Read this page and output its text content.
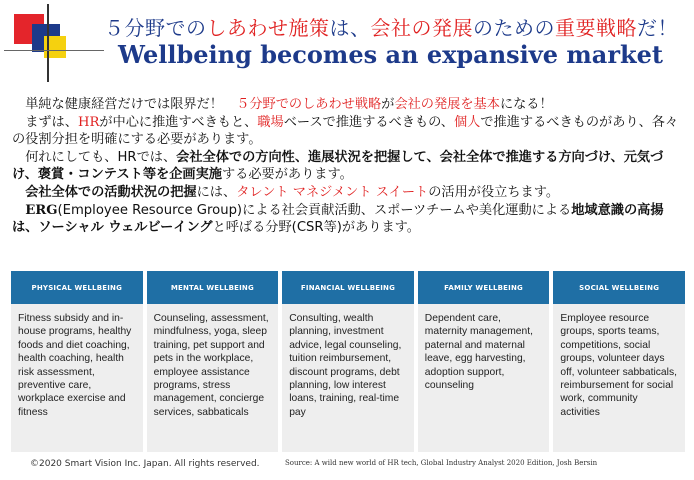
５分野でのしあわせ施策は、会社の発展のための重要戦略だ！
Wellbeing becomes an expansive market

　単純な健康経営だけでは限界だ！　５分野でのしあわせ戦略が会社の発展を基本になる！

　まずは、HRが中心に推進すべきもと、職場ベースで推進するべきもの、個人で推進するべきものがあり、各々の役割分担を明確にする必要があります。

　何れにしても、HRでは、会社全体での方向性、進展状況を把握して、会社全体で推進する方向づけ、元気づけ、褒賞・コンテスト等を企画実施する必要があります。

　会社全体での活動状況の把握には、タレント マネジメント スイートの活用が役立ちます。

　ERG(Employee Resource Group)による社会貢献活動、スポーツチームや美化運動による地域意識の高揚は、ソーシャル ウェルビーイングと呼ばる分野(CSR等)があります。

PHYSICAL WELLBEING
Fitness subsidy and in-house programs, healthy foods and diet coaching, health coaching, health risk assessment, preventive care, workplace exercise and fitness
MENTAL WELLBEING
Counseling, assessment, mindfulness, yoga, sleep training, pet support and pets in the workplace, employee assistance programs, stress management, concierge services, sabbaticals
FINANCIAL WELLBEING
Consulting, wealth planning, investment advice, legal counseling, tuition reimbursement, discount programs, debt planning, low interest loans, training, real-time pay
FAMILY WELLBEING
Dependent care, maternity management, paternal and maternal leave, egg harvesting, adoption support, counseling
SOCIAL WELLBEING
Employee resource groups, sports teams, competitions, social groups, volunteer days off, volunteer sabbaticals, reimbursement for social work, community activities
©2020 Smart Vision Inc. Japan. All rights reserved.	Source: A wild new world of HR tech, Global Industry Analyst 2020 Edition, Josh Bersin
